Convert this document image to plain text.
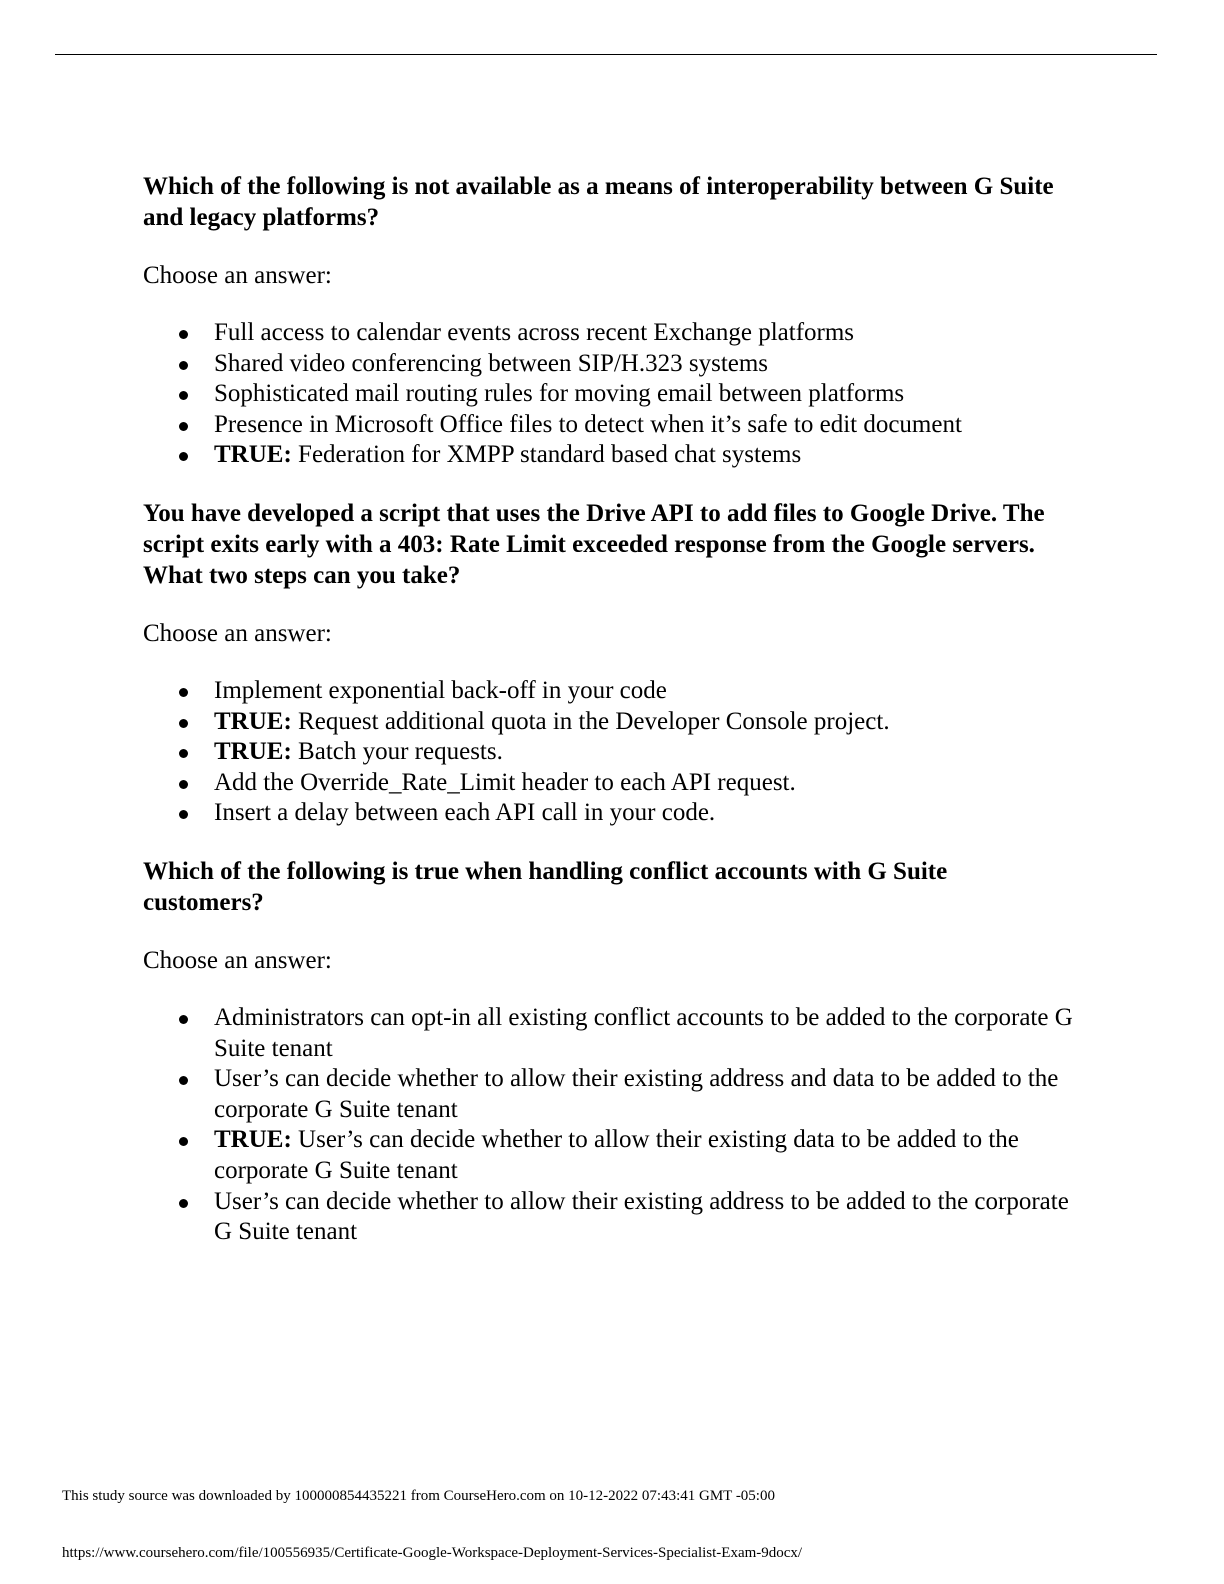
Which of the following is not available as a means of interoperability between G Suite and legacy platforms?

Choose an answer:

Full access to calendar events across recent Exchange platforms
Shared video conferencing between SIP/H.323 systems
Sophisticated mail routing rules for moving email between platforms
Presence in Microsoft Office files to detect when it’s safe to edit document
TRUE: Federation for XMPP standard based chat systems

You have developed a script that uses the Drive API to add files to Google Drive. The script exits early with a 403: Rate Limit exceeded response from the Google servers. What two steps can you take?

Choose an answer:

Implement exponential back-off in your code
TRUE: Request additional quota in the Developer Console project.
TRUE: Batch your requests.
Add the Override_Rate_Limit header to each API request.
Insert a delay between each API call in your code.

Which of the following is true when handling conflict accounts with G Suite customers?

Choose an answer:

Administrators can opt-in all existing conflict accounts to be added to the corporate G Suite tenant
User’s can decide whether to allow their existing address and data to be added to the corporate G Suite tenant
TRUE: User’s can decide whether to allow their existing data to be added to the corporate G Suite tenant
User’s can decide whether to allow their existing address to be added to the corporate G Suite tenant
This study source was downloaded by 100000854435221 from CourseHero.com on 10-12-2022 07:43:41 GMT -05:00
https://www.coursehero.com/file/100556935/Certificate-Google-Workspace-Deployment-Services-Specialist-Exam-9docx/
